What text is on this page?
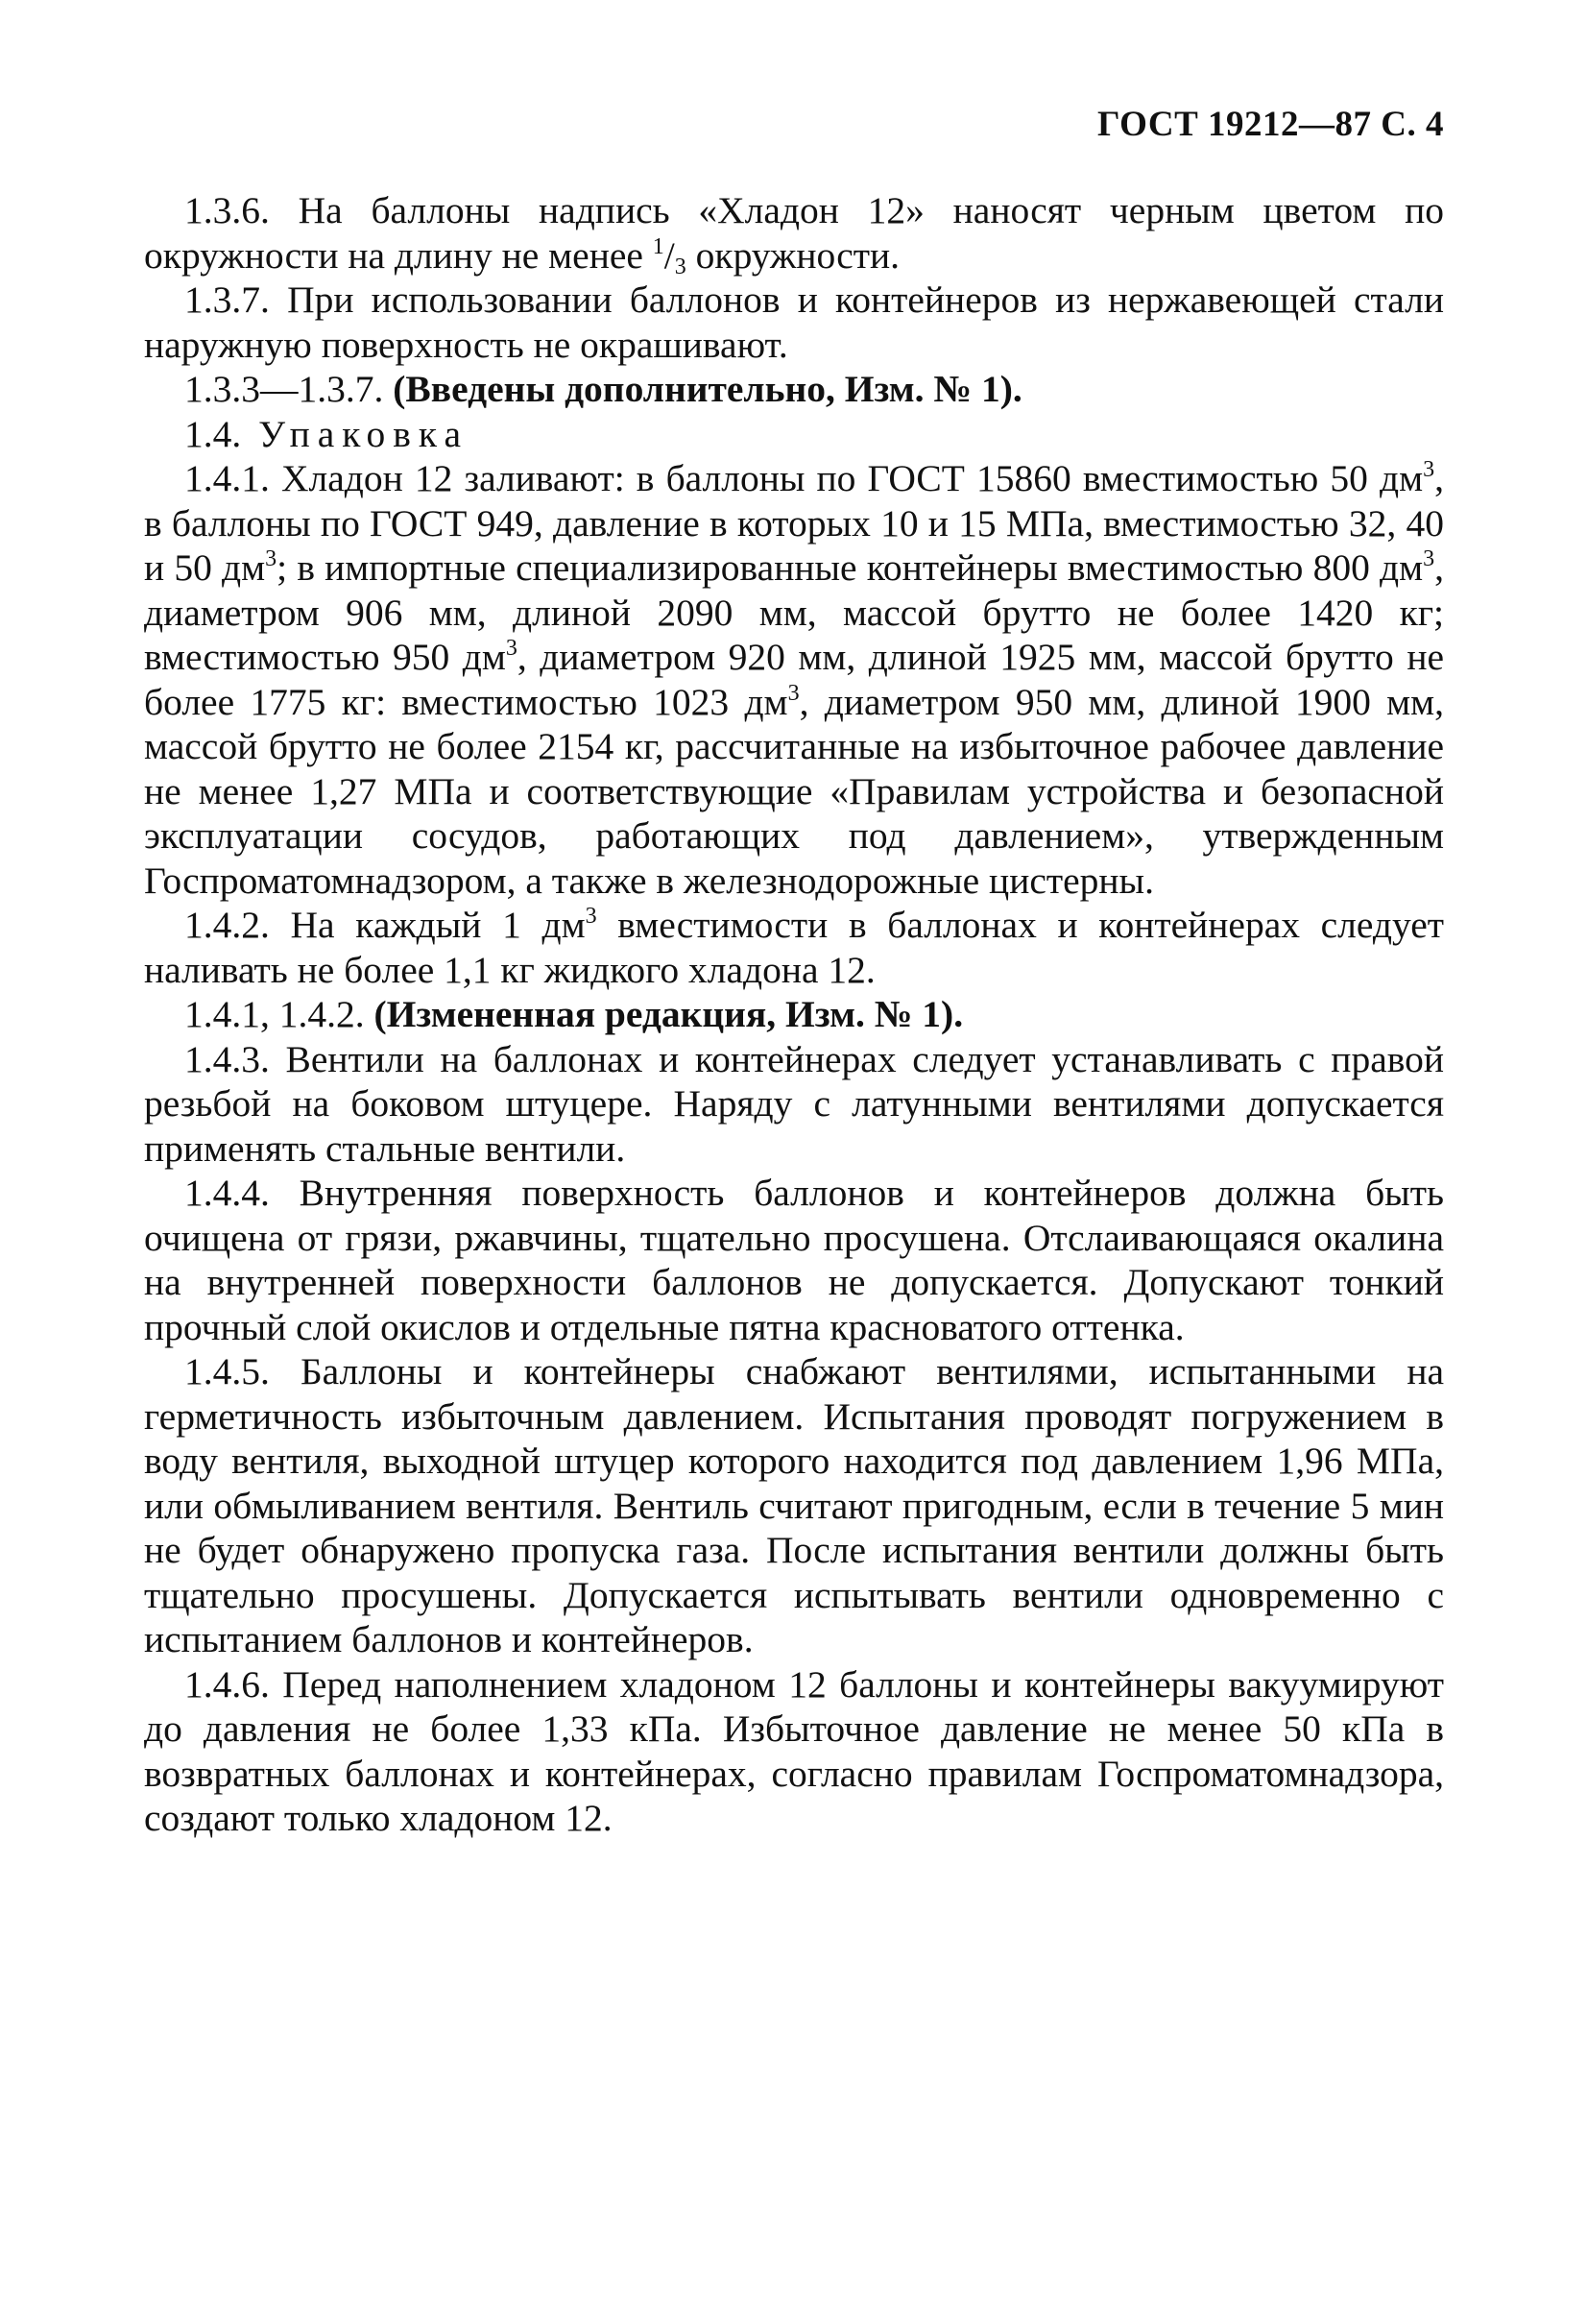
ГОСТ 19212—87 С. 4

1.3.6. На баллоны надпись «Хладон 12» наносят черным цветом по окружности на длину не менее $^1/_3$ окружности.

1.3.7. При использовании баллонов и контейнеров из нержавеющей стали наружную поверхность не окрашивают.

1.3.3—1.3.7. (Введены дополнительно, Изм. № 1).

1.4. Упаковка

1.4.1. Хладон 12 заливают: в баллоны по ГОСТ 15860 вместимостью 50 $дм^3$, в баллоны по ГОСТ 949, давление в которых 10 и 15 МПа, вместимостью 32, 40 и 50 $дм^3$; в импортные специализированные контейнеры вместимостью 800 $дм^3$, диаметром 906 мм, длиной 2090 мм, массой брутто не более 1420 кг; вместимостью 950 $дм^3$, диаметром 920 мм, длиной 1925 мм, массой брутто не более 1775 кг: вместимостью 1023 $дм^3$, диаметром 950 мм, длиной 1900 мм, массой брутто не более 2154 кг, рассчитанные на избыточное рабочее давление не менее 1,27 МПа и соответствующие «Правилам устройства и безопасной эксплуатации сосудов, работающих под давлением», утвержденным Госпроматомнадзором, а также в железнодорожные цистерны.

1.4.2. На каждый 1 $дм^3$ вместимости в баллонах и контейнерах следует наливать не более 1,1 кг жидкого хладона 12.

1.4.1, 1.4.2. (Измененная редакция, Изм. № 1).

1.4.3. Вентили на баллонах и контейнерах следует устанавливать с правой резьбой на боковом штуцере. Наряду с латунными вентилями допускается применять стальные вентили.

1.4.4. Внутренняя поверхность баллонов и контейнеров должна быть очищена от грязи, ржавчины, тщательно просушена. Отслаивающаяся окалина на внутренней поверхности баллонов не допускается. Допускают тонкий прочный слой окислов и отдельные пятна красноватого оттенка.

1.4.5. Баллоны и контейнеры снабжают вентилями, испытанными на герметичность избыточным давлением. Испытания проводят погружением в воду вентиля, выходной штуцер которого находится под давлением 1,96 МПа, или обмыливанием вентиля. Вентиль считают пригодным, если в течение 5 мин не будет обнаружено пропуска газа. После испытания вентили должны быть тщательно просушены. Допускается испытывать вентили одновременно с испытанием баллонов и контейнеров.

1.4.6. Перед наполнением хладоном 12 баллоны и контейнеры вакуумируют до давления не более 1,33 кПа. Избыточное давление не менее 50 кПа в возвратных баллонах и контейнерах, согласно правилам Госпроматомнадзора, создают только хладоном 12.
